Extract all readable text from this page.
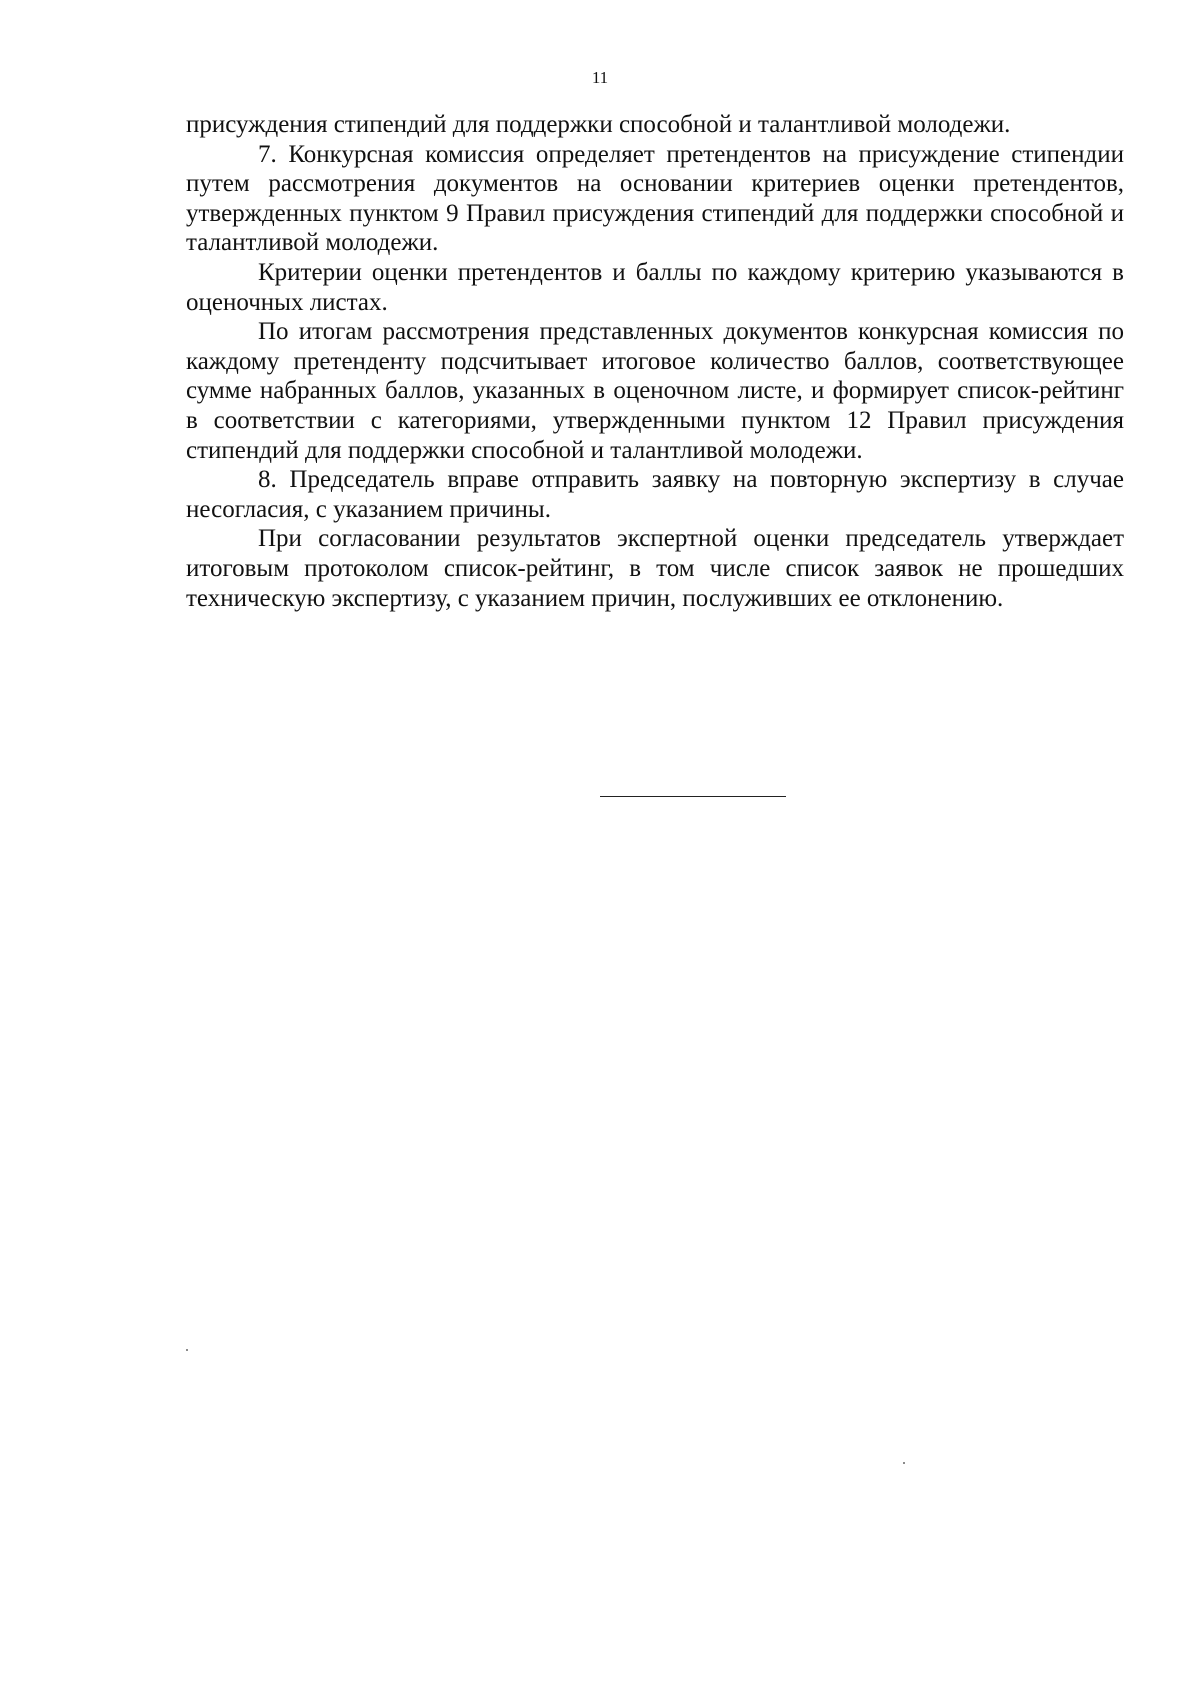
11

присуждения стипендий для поддержки способной и талантливой молодежи.

7. Конкурсная комиссия определяет претендентов на присуждение стипендии путем рассмотрения документов на основании критериев оценки претендентов, утвержденных пунктом 9 Правил присуждения стипендий для поддержки способной и талантливой молодежи.

Критерии оценки претендентов и баллы по каждому критерию указываются в оценочных листах.

По итогам рассмотрения представленных документов конкурсная комиссия по каждому претенденту подсчитывает итоговое количество баллов, соответствующее сумме набранных баллов, указанных в оценочном листе, и формирует список-рейтинг в соответствии с категориями, утвержденными пунктом 12 Правил присуждения стипендий для поддержки способной и талантливой молодежи.

8. Председатель вправе отправить заявку на повторную экспертизу в случае несогласия, с указанием причины.

При согласовании результатов экспертной оценки председатель утверждает итоговым протоколом список-рейтинг, в том числе список заявок не прошедших техническую экспертизу, с указанием причин, послуживших ее отклонению.
